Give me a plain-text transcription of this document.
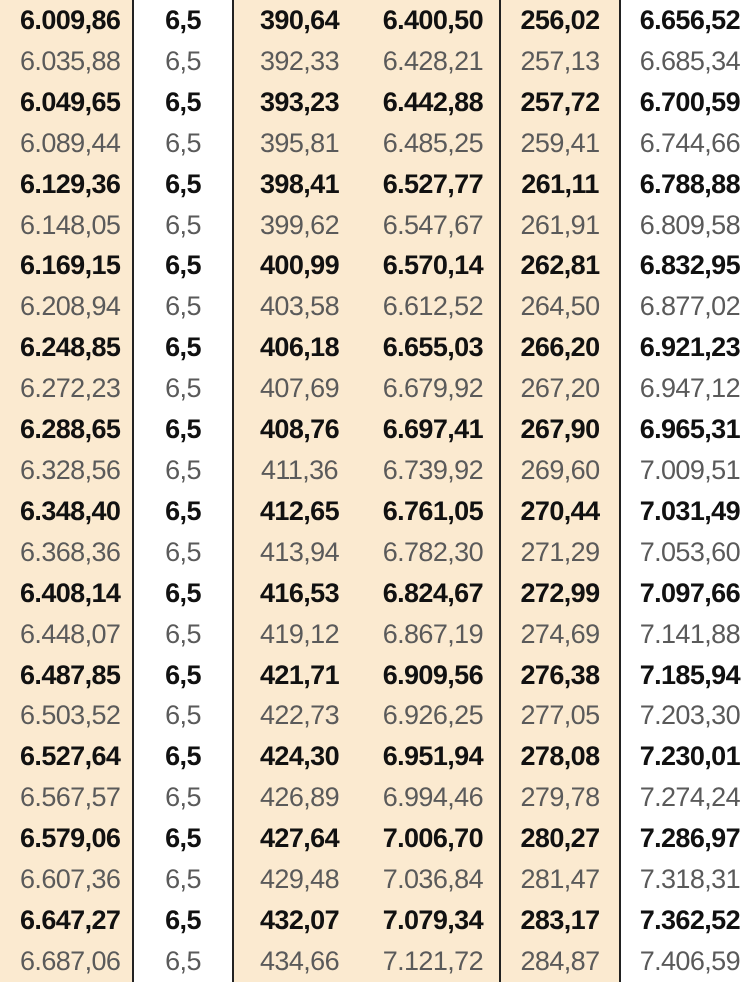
6.009,86	6,5	390,64	6.400,50	256,02	6.656,52
6.035,88	6,5	392,33	6.428,21	257,13	6.685,34
6.049,65	6,5	393,23	6.442,88	257,72	6.700,59
6.089,44	6,5	395,81	6.485,25	259,41	6.744,66
6.129,36	6,5	398,41	6.527,77	261,11	6.788,88
6.148,05	6,5	399,62	6.547,67	261,91	6.809,58
6.169,15	6,5	400,99	6.570,14	262,81	6.832,95
6.208,94	6,5	403,58	6.612,52	264,50	6.877,02
6.248,85	6,5	406,18	6.655,03	266,20	6.921,23
6.272,23	6,5	407,69	6.679,92	267,20	6.947,12
6.288,65	6,5	408,76	6.697,41	267,90	6.965,31
6.328,56	6,5	411,36	6.739,92	269,60	7.009,51
6.348,40	6,5	412,65	6.761,05	270,44	7.031,49
6.368,36	6,5	413,94	6.782,30	271,29	7.053,60
6.408,14	6,5	416,53	6.824,67	272,99	7.097,66
6.448,07	6,5	419,12	6.867,19	274,69	7.141,88
6.487,85	6,5	421,71	6.909,56	276,38	7.185,94
6.503,52	6,5	422,73	6.926,25	277,05	7.203,30
6.527,64	6,5	424,30	6.951,94	278,08	7.230,01
6.567,57	6,5	426,89	6.994,46	279,78	7.274,24
6.579,06	6,5	427,64	7.006,70	280,27	7.286,97
6.607,36	6,5	429,48	7.036,84	281,47	7.318,31
6.647,27	6,5	432,07	7.079,34	283,17	7.362,52
6.687,06	6,5	434,66	7.121,72	284,87	7.406,59
